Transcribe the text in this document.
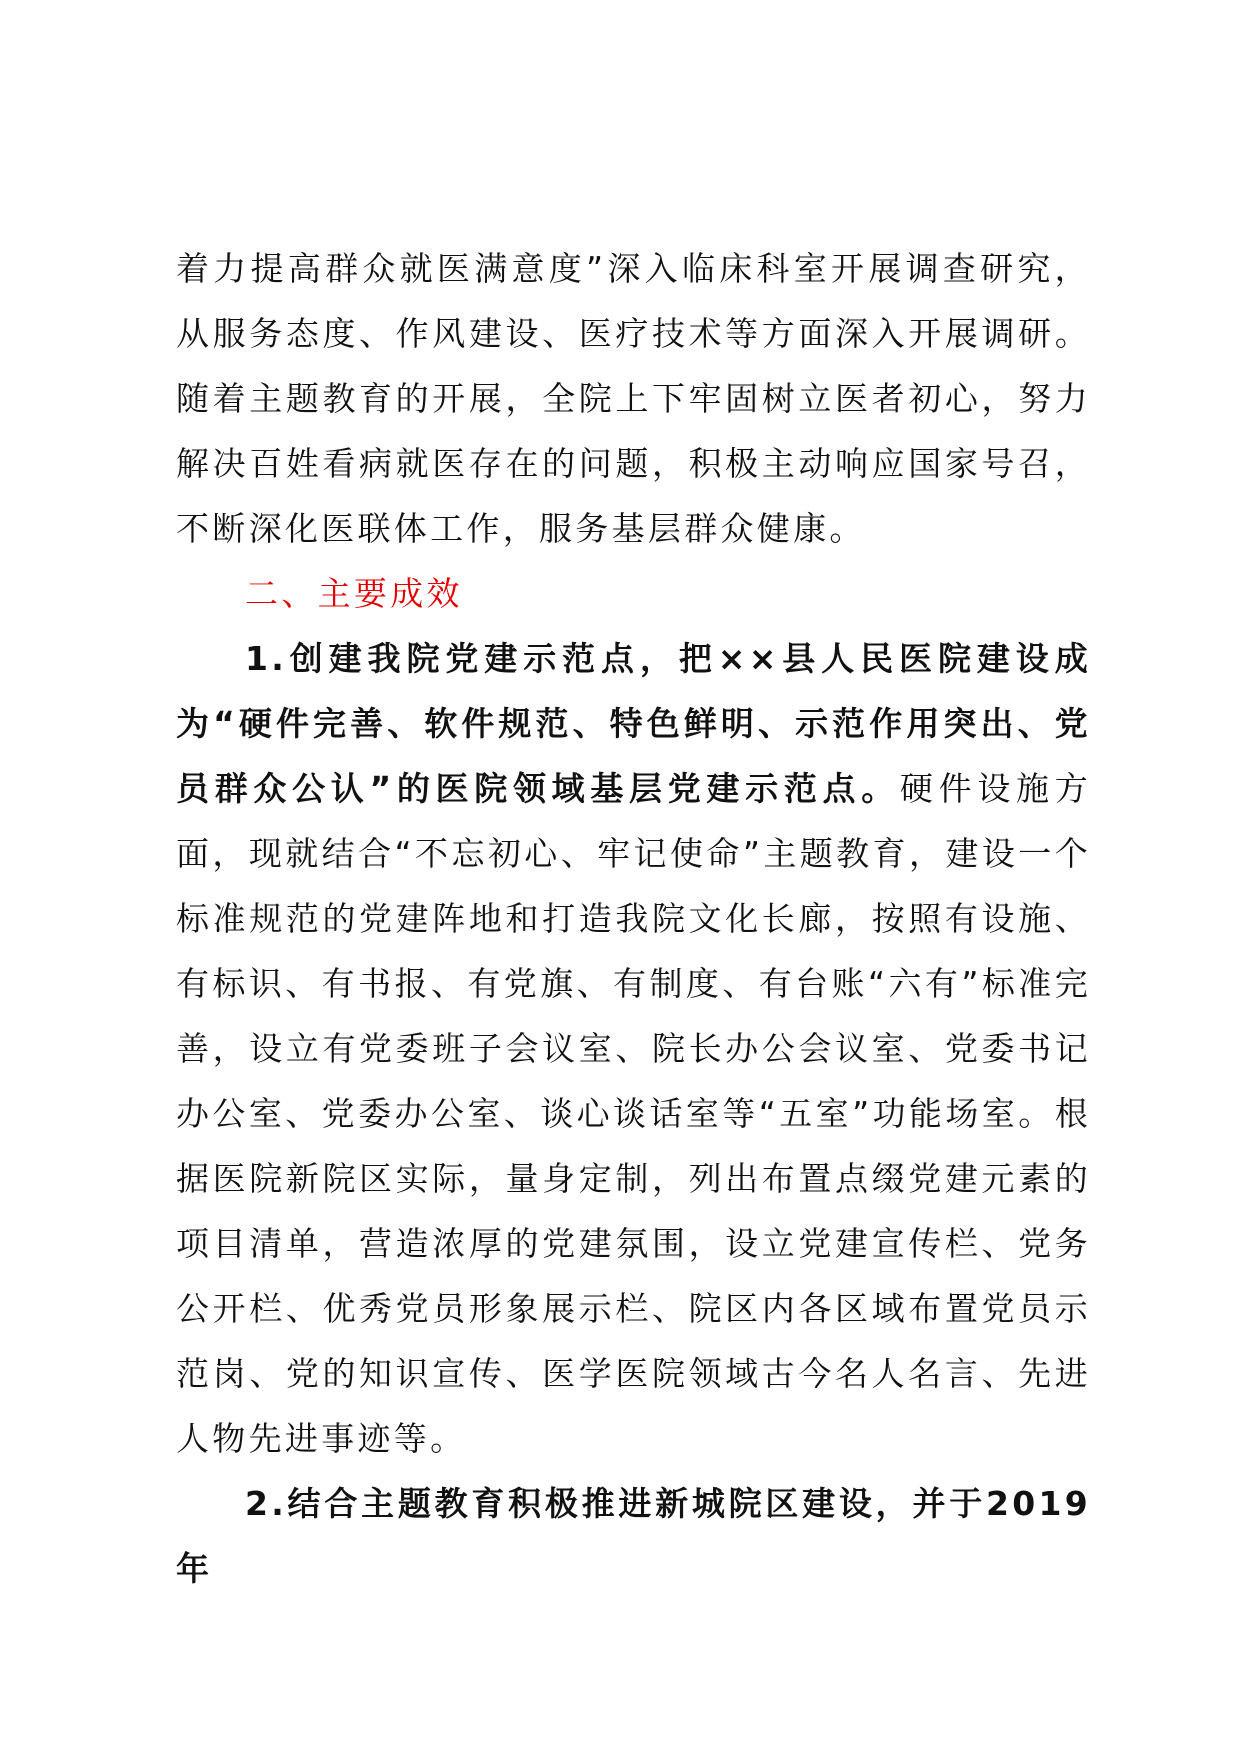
着力提高群众就医满意度”深入临床科室开展调查研究，从服务态度、作风建设、医疗技术等方面深入开展调研。随着主题教育的开展，全院上下牢固树立医者初心，努力解决百姓看病就医存在的问题，积极主动响应国家号召，不断深化医联体工作，服务基层群众健康。

二、主要成效

1.创建我院党建示范点，把××县人民医院建设成为“硬件完善、软件规范、特色鲜明、示范作用突出、党员群众公认”的医院领域基层党建示范点。硬件设施方面，现就结合“不忘初心、牢记使命”主题教育，建设一个标准规范的党建阵地和打造我院文化长廊，按照有设施、有标识、有书报、有党旗、有制度、有台账“六有”标准完善，设立有党委班子会议室、院长办公会议室、党委书记办公室、党委办公室、谈心谈话室等“五室”功能场室。根据医院新院区实际，量身定制，列出布置点缀党建元素的项目清单，营造浓厚的党建氛围，设立党建宣传栏、党务公开栏、优秀党员形象展示栏、院区内各区域布置党员示范岗、党的知识宣传、医学医院领域古今名人名言、先进人物先进事迹等。

2.结合主题教育积极推进新城院区建设，并于2019年
